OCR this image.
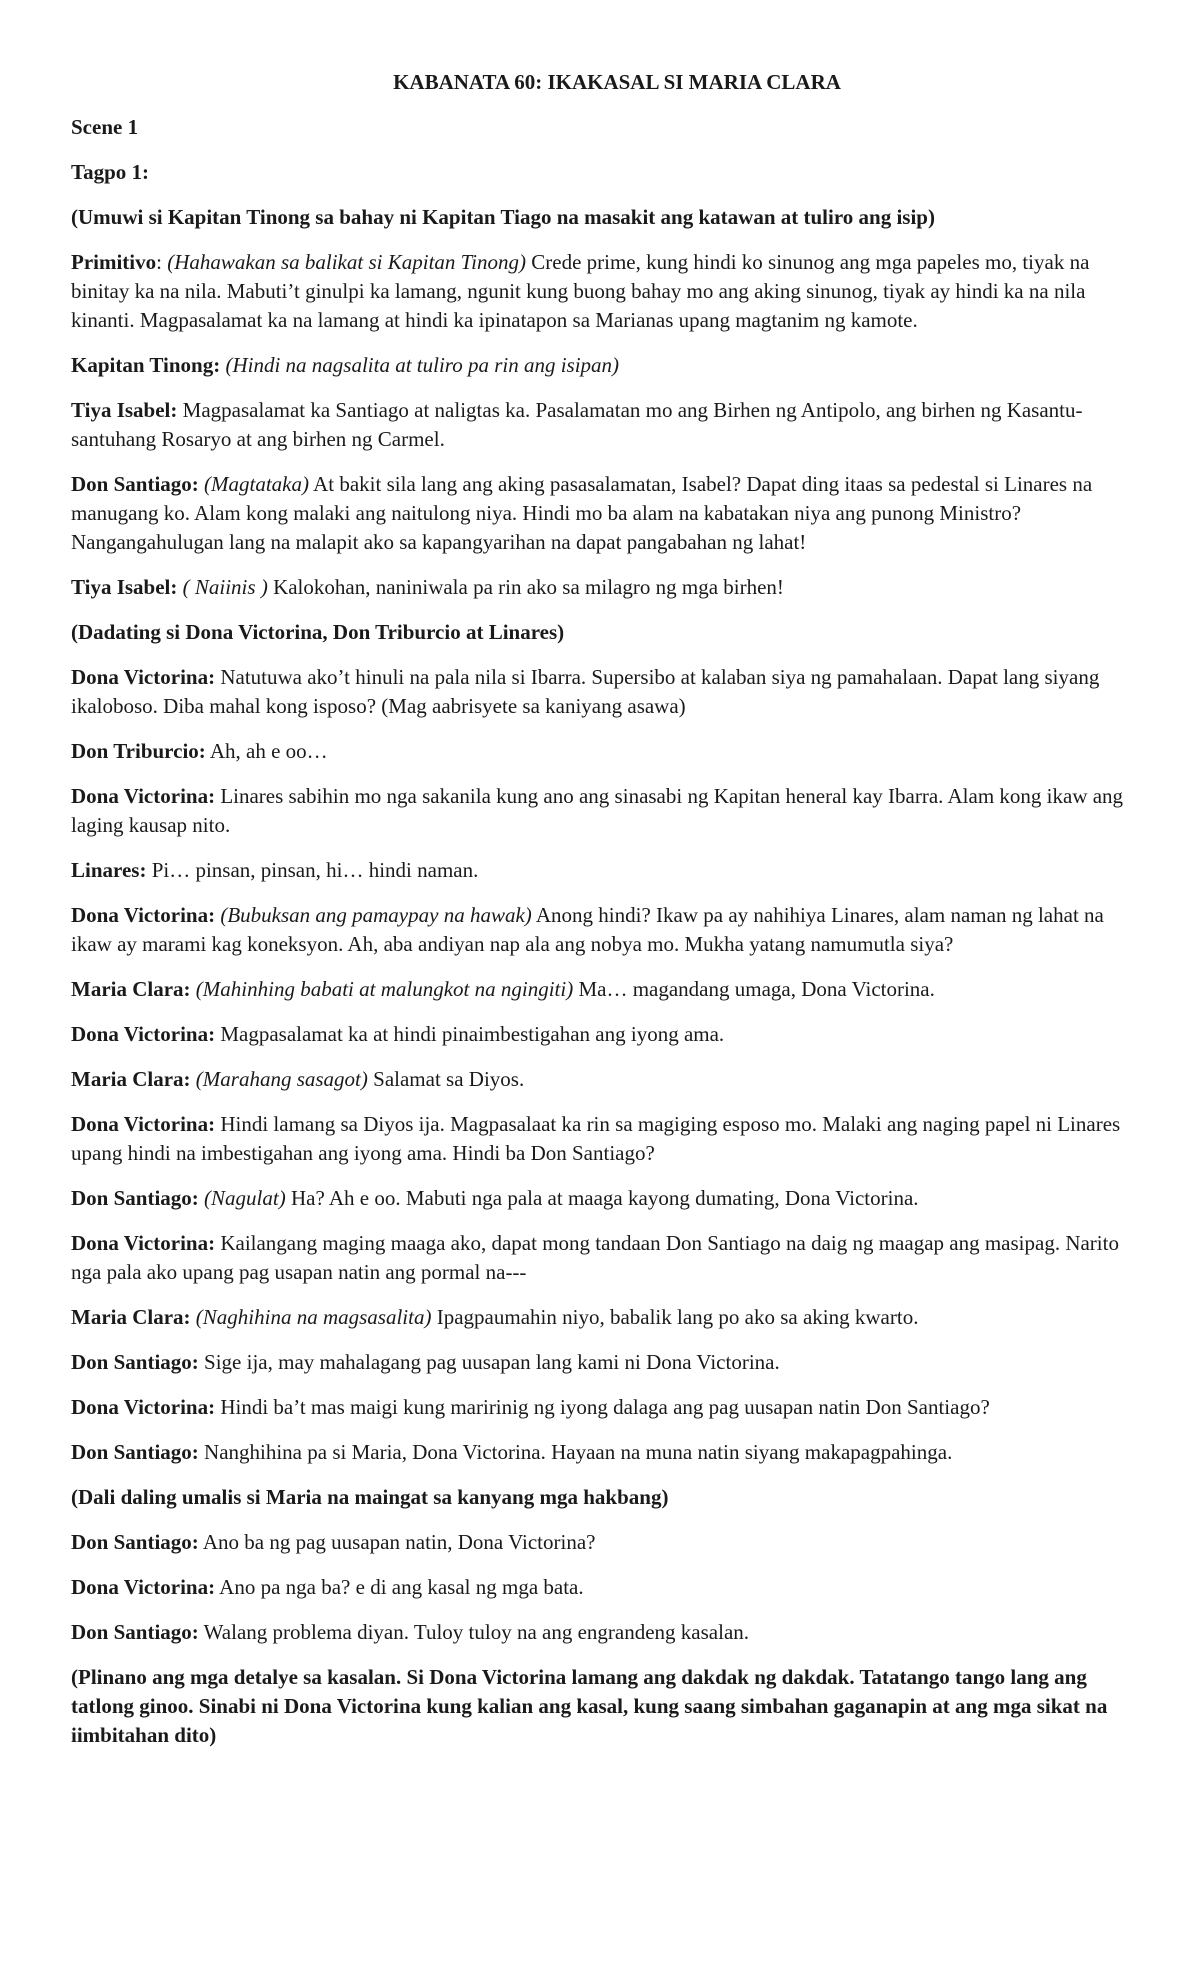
KABANATA 60: IKAKASAL SI MARIA CLARA
Scene 1
Tagpo 1:
(Umuwi si Kapitan Tinong sa bahay ni Kapitan Tiago na masakit ang katawan at tuliro ang isip)
Primitivo: (Hahawakan sa balikat si Kapitan Tinong) Crede prime, kung hindi ko sinunog ang mga papeles mo, tiyak na binitay ka na nila. Mabuti’t ginulpi ka lamang, ngunit kung buong bahay mo ang aking sinunog, tiyak ay hindi ka na nila kinanti. Magpasalamat ka na lamang at hindi ka ipinatapon sa Marianas upang magtanim ng kamote.
Kapitan Tinong: (Hindi na nagsalita at tuliro pa rin ang isipan)
Tiya Isabel: Magpasalamat ka Santiago at naligtas ka. Pasalamatan mo ang Birhen ng Antipolo, ang birhen ng Kasantu- santuhang Rosaryo at ang birhen ng Carmel.
Don Santiago: (Magtataka) At bakit sila lang ang aking pasasalamatan, Isabel? Dapat ding itaas sa pedestal si Linares na manugang ko. Alam kong malaki ang naitulong niya. Hindi mo ba alam na kabatakan niya ang punong Ministro? Nangangahulugan lang na malapit ako sa kapangyarihan na dapat pangabahan ng lahat!
Tiya Isabel: ( Naiinis ) Kalokohan, naniniwala pa rin ako sa milagro ng mga birhen!
(Dadating si Dona Victorina, Don Triburcio at Linares)
Dona Victorina: Natutuwa ako’t hinuli na pala nila si Ibarra. Supersibo at kalaban siya ng pamahalaan. Dapat lang siyang ikaloboso. Diba mahal kong isposo? (Mag aabrisyete sa kaniyang asawa)
Don Triburcio: Ah, ah e oo…
Dona Victorina: Linares sabihin mo nga sakanila kung ano ang sinasabi ng Kapitan heneral kay Ibarra. Alam kong ikaw ang laging kausap nito.
Linares: Pi… pinsan, pinsan, hi… hindi naman.
Dona Victorina: (Bubuksan ang pamaypay na hawak) Anong hindi? Ikaw pa ay nahihiya Linares, alam naman ng lahat na ikaw ay marami kag koneksyon. Ah, aba andiyan nap ala ang nobya mo. Mukha yatang namumutla siya?
Maria Clara: (Mahinhing babati at malungkot na ngingiti) Ma… magandang umaga, Dona Victorina.
Dona Victorina: Magpasalamat ka at hindi pinaimbestigahan ang iyong ama.
Maria Clara: (Marahang sasagot) Salamat sa Diyos.
Dona Victorina: Hindi lamang sa Diyos ija. Magpasalaat ka rin sa magiging esposo mo. Malaki ang naging papel ni Linares upang hindi na imbestigahan ang iyong ama. Hindi ba Don Santiago?
Don Santiago: (Nagulat) Ha? Ah e oo. Mabuti nga pala at maaga kayong dumating, Dona Victorina.
Dona Victorina: Kailangang maging maaga ako, dapat mong tandaan Don Santiago na daig ng maagap ang masipag. Narito nga pala ako upang pag usapan natin ang pormal na---
Maria Clara: (Naghihina na magsasalita) Ipagpaumahin niyo, babalik lang po ako sa aking kwarto.
Don Santiago: Sige ija, may mahalagang pag uusapan lang kami ni Dona Victorina.
Dona Victorina: Hindi ba’t mas maigi kung maririnig ng iyong dalaga ang pag uusapan natin Don Santiago?
Don Santiago: Nanghihina pa si Maria, Dona Victorina. Hayaan na muna natin siyang makapagpahinga.
(Dali daling umalis si Maria na maingat sa kanyang mga hakbang)
Don Santiago: Ano ba ng pag uusapan natin, Dona Victorina?
Dona Victorina: Ano pa nga ba? e di ang kasal ng mga bata.
Don Santiago: Walang problema diyan. Tuloy tuloy na ang engrandeng kasalan.
(Plinano ang mga detalye sa kasalan. Si Dona Victorina lamang ang dakdak ng dakdak. Tatatango tango lang ang tatlong ginoo. Sinabi ni Dona Victorina kung kalian ang kasal, kung saang simbahan gaganapin at ang mga sikat na iimbitahan dito)
